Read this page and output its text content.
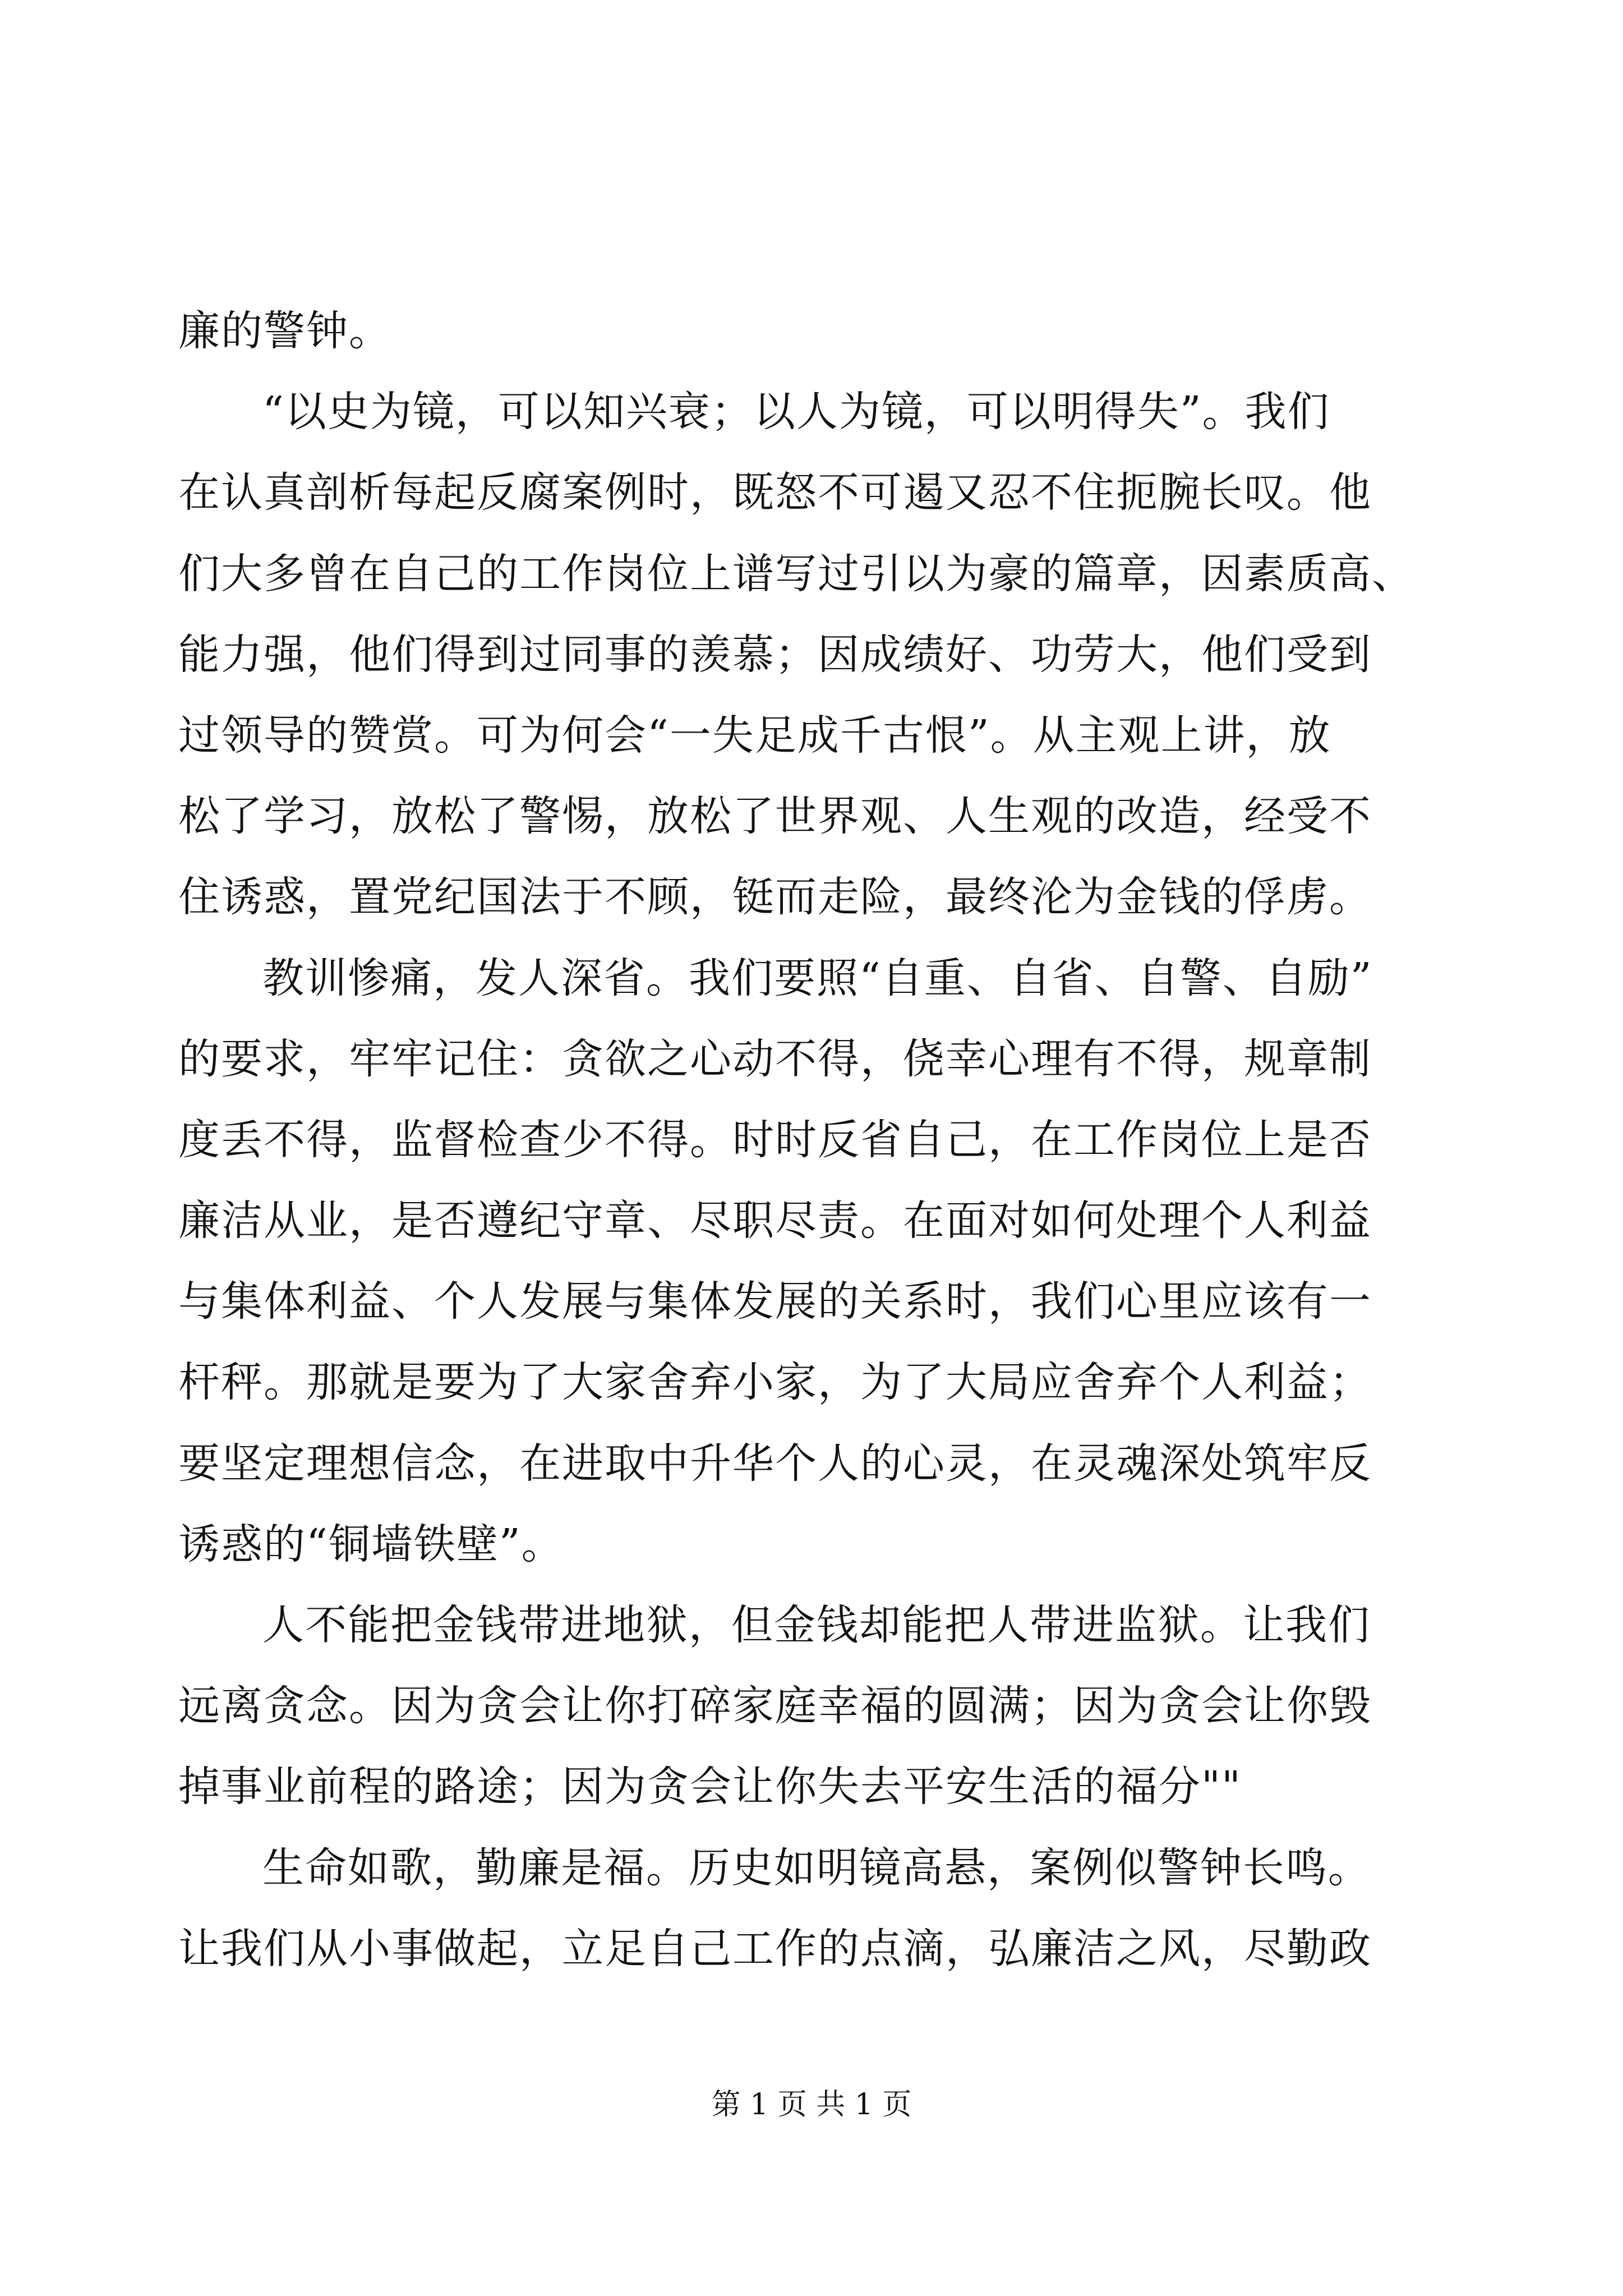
廉的警钟。
“以史为镜，可以知兴衰；以人为镜，可以明得失”。我们
在认真剖析每起反腐案例时，既怒不可遏又忍不住扼腕长叹。他
们大多曾在自己的工作岗位上谱写过引以为豪的篇章，因素质高、
能力强，他们得到过同事的羡慕；因成绩好、功劳大，他们受到
过领导的赞赏。可为何会“一失足成千古恨”。从主观上讲，放
松了学习，放松了警惕，放松了世界观、人生观的改造，经受不
住诱惑，置党纪国法于不顾，铤而走险，最终沦为金钱的俘虏。
教训惨痛，发人深省。我们要照“自重、自省、自警、自励”
的要求，牢牢记住：贪欲之心动不得，侥幸心理有不得，规章制
度丢不得，监督检查少不得。时时反省自己，在工作岗位上是否
廉洁从业，是否遵纪守章、尽职尽责。在面对如何处理个人利益
与集体利益、个人发展与集体发展的关系时，我们心里应该有一
杆秤。那就是要为了大家舍弃小家，为了大局应舍弃个人利益；
要坚定理想信念，在进取中升华个人的心灵，在灵魂深处筑牢反
诱惑的“铜墙铁壁”。
人不能把金钱带进地狱，但金钱却能把人带进监狱。让我们
远离贪念。因为贪会让你打碎家庭幸福的圆满；因为贪会让你毁
掉事业前程的路途；因为贪会让你失去平安生活的福分""
生命如歌，勤廉是福。历史如明镜高悬，案例似警钟长鸣。
让我们从小事做起，立足自己工作的点滴，弘廉洁之风，尽勤政
第 1 页 共 1 页
